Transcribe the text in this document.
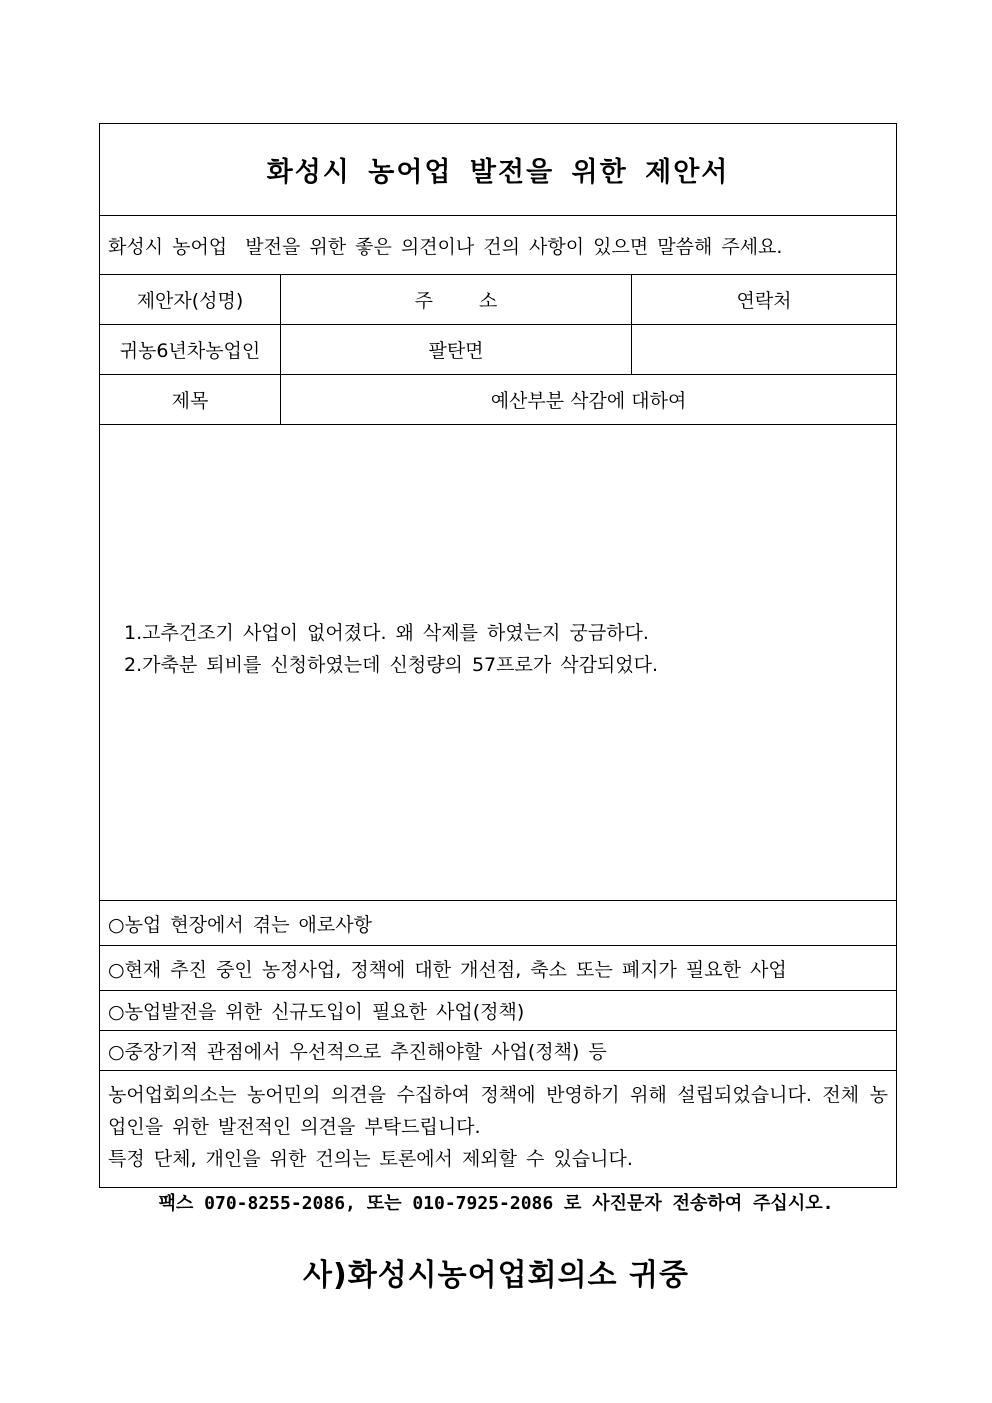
화성시 농어업 발전을 위한 제안서
화성시 농어업  발전을 위한 좋은 의견이나 건의 사항이 있으면 말씀해 주세요.
제안자(성명)	주 소	연락처
귀농6년차농업인	팔탄면
제목	예산부분 삭감에 대하여
1.고추건조기 사업이 없어졌다. 왜 삭제를 하였는지 궁금하다.
2.가축분 퇴비를 신청하였는데 신청량의 57프로가 삭감되었다.
○농업 현장에서 겪는 애로사항
○현재 추진 중인 농정사업, 정책에 대한 개선점, 축소 또는 폐지가 필요한 사업
○농업발전을 위한 신규도입이 필요한 사업(정책)
○중장기적 관점에서 우선적으로 추진해야할 사업(정책) 등
농어업회의소는 농어민의 의견을 수집하여 정책에 반영하기 위해 설립되었습니다. 전체 농업인을 위한 발전적인 의견을 부탁드립니다.
특정 단체, 개인을 위한 건의는 토론에서 제외할 수 있습니다.
팩스 070-8255-2086, 또는 010-7925-2086 로 사진문자 전송하여 주십시오.
사)화성시농어업회의소 귀중
